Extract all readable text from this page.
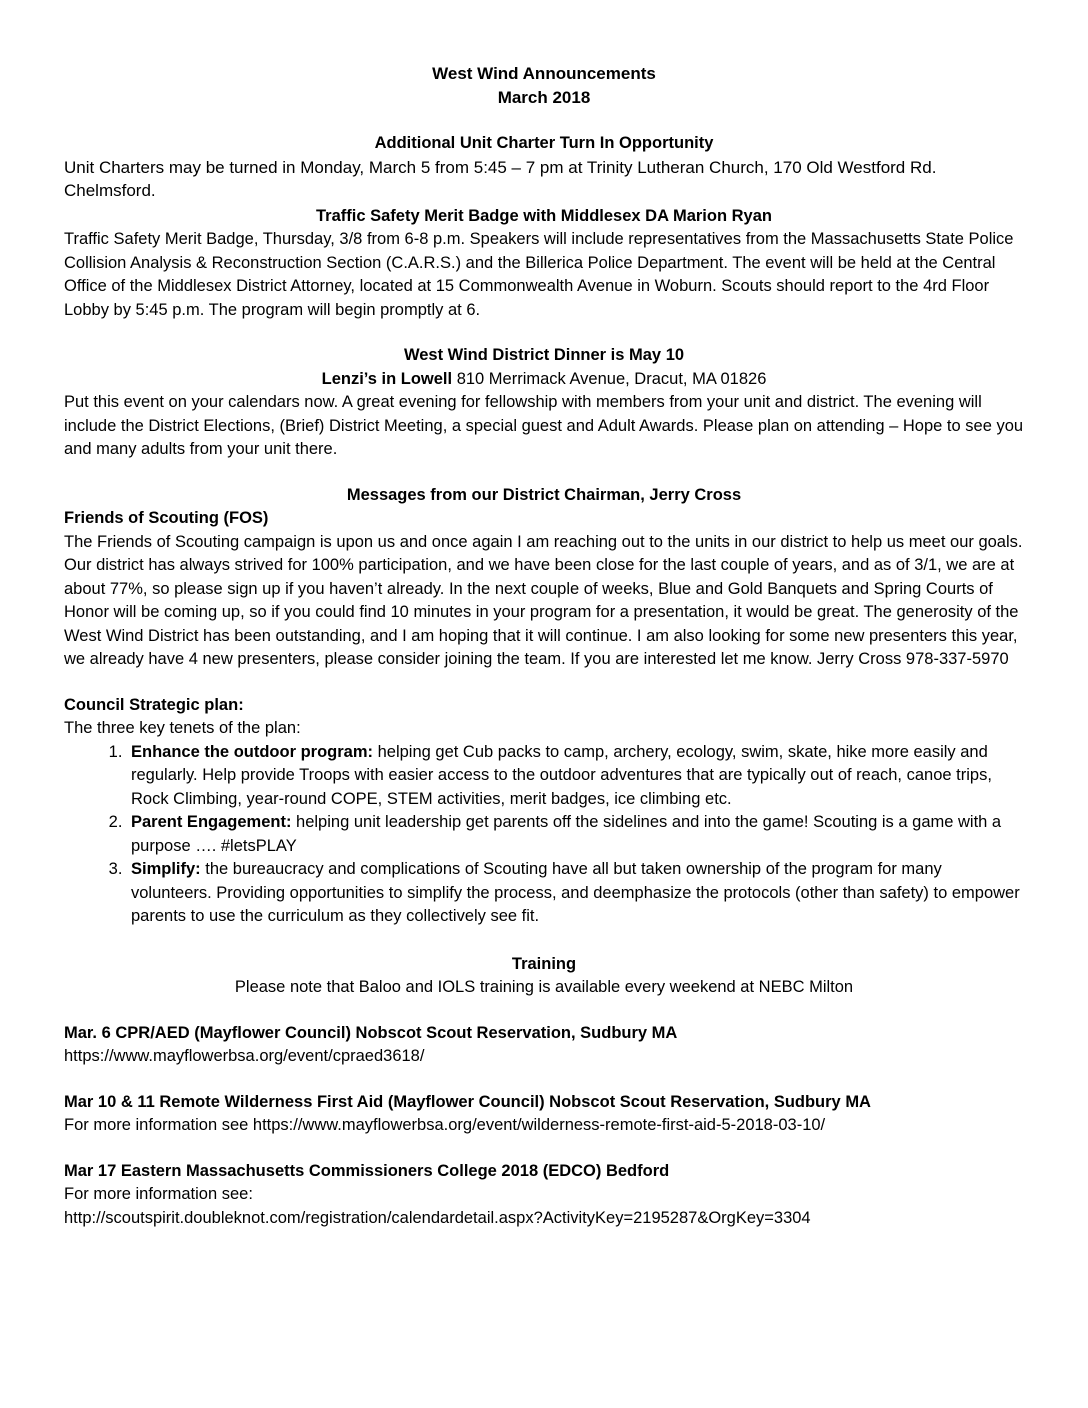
West Wind Announcements
March 2018
Additional Unit Charter Turn In Opportunity

Unit Charters may be turned in Monday, March 5 from 5:45 – 7 pm at Trinity Lutheran Church, 170 Old Westford Rd. Chelmsford.

Traffic Safety Merit Badge with Middlesex DA Marion Ryan

Traffic Safety Merit Badge, Thursday, 3/8 from 6-8 p.m. Speakers will include representatives from the Massachusetts State Police Collision Analysis & Reconstruction Section (C.A.R.S.) and the Billerica Police Department. The event will be held at the Central Office of the Middlesex District Attorney, located at 15 Commonwealth Avenue in Woburn. Scouts should report to the 4rd Floor Lobby by 5:45 p.m. The program will begin promptly at 6.

West Wind District Dinner is May 10
Lenzi’s in Lowell 810 Merrimack Avenue, Dracut, MA 01826

Put this event on your calendars now. A great evening for fellowship with members from your unit and district. The evening will include the District Elections, (Brief) District Meeting, a special guest and Adult Awards. Please plan on attending – Hope to see you and many adults from your unit there.

Messages from our District Chairman, Jerry Cross
Friends of Scouting (FOS)

The Friends of Scouting campaign is upon us and once again I am reaching out to the units in our district to help us meet our goals. Our district has always strived for 100% participation, and we have been close for the last couple of years, and as of 3/1, we are at about 77%, so please sign up if you haven’t already. In the next couple of weeks, Blue and Gold Banquets and Spring Courts of Honor will be coming up, so if you could find 10 minutes in your program for a presentation, it would be great. The generosity of the West Wind District has been outstanding, and I am hoping that it will continue. I am also looking for some new presenters this year, we already have 4 new presenters, please consider joining the team. If you are interested let me know. Jerry Cross 978-337-5970

Council Strategic plan:
The three key tenets of the plan:
1. Enhance the outdoor program: helping get Cub packs to camp, archery, ecology, swim, skate, hike more easily and regularly. Help provide Troops with easier access to the outdoor adventures that are typically out of reach, canoe trips, Rock Climbing, year-round COPE, STEM activities, merit badges, ice climbing etc.
2. Parent Engagement: helping unit leadership get parents off the sidelines and into the game! Scouting is a game with a purpose …. #letsPLAY
3. Simplify: the bureaucracy and complications of Scouting have all but taken ownership of the program for many volunteers. Providing opportunities to simplify the process, and deemphasize the protocols (other than safety) to empower parents to use the curriculum as they collectively see fit.
Training
Please note that Baloo and IOLS training is available every weekend at NEBC Milton
Mar. 6 CPR/AED (Mayflower Council) Nobscot Scout Reservation, Sudbury MA
https://www.mayflowerbsa.org/event/cpraed3618/
Mar 10 & 11 Remote Wilderness First Aid (Mayflower Council) Nobscot Scout Reservation, Sudbury MA
For more information see https://www.mayflowerbsa.org/event/wilderness-remote-first-aid-5-2018-03-10/
Mar 17 Eastern Massachusetts Commissioners College 2018 (EDCO) Bedford
For more information see:
http://scoutspirit.doubleknot.com/registration/calendardetail.aspx?ActivityKey=2195287&OrgKey=3304
